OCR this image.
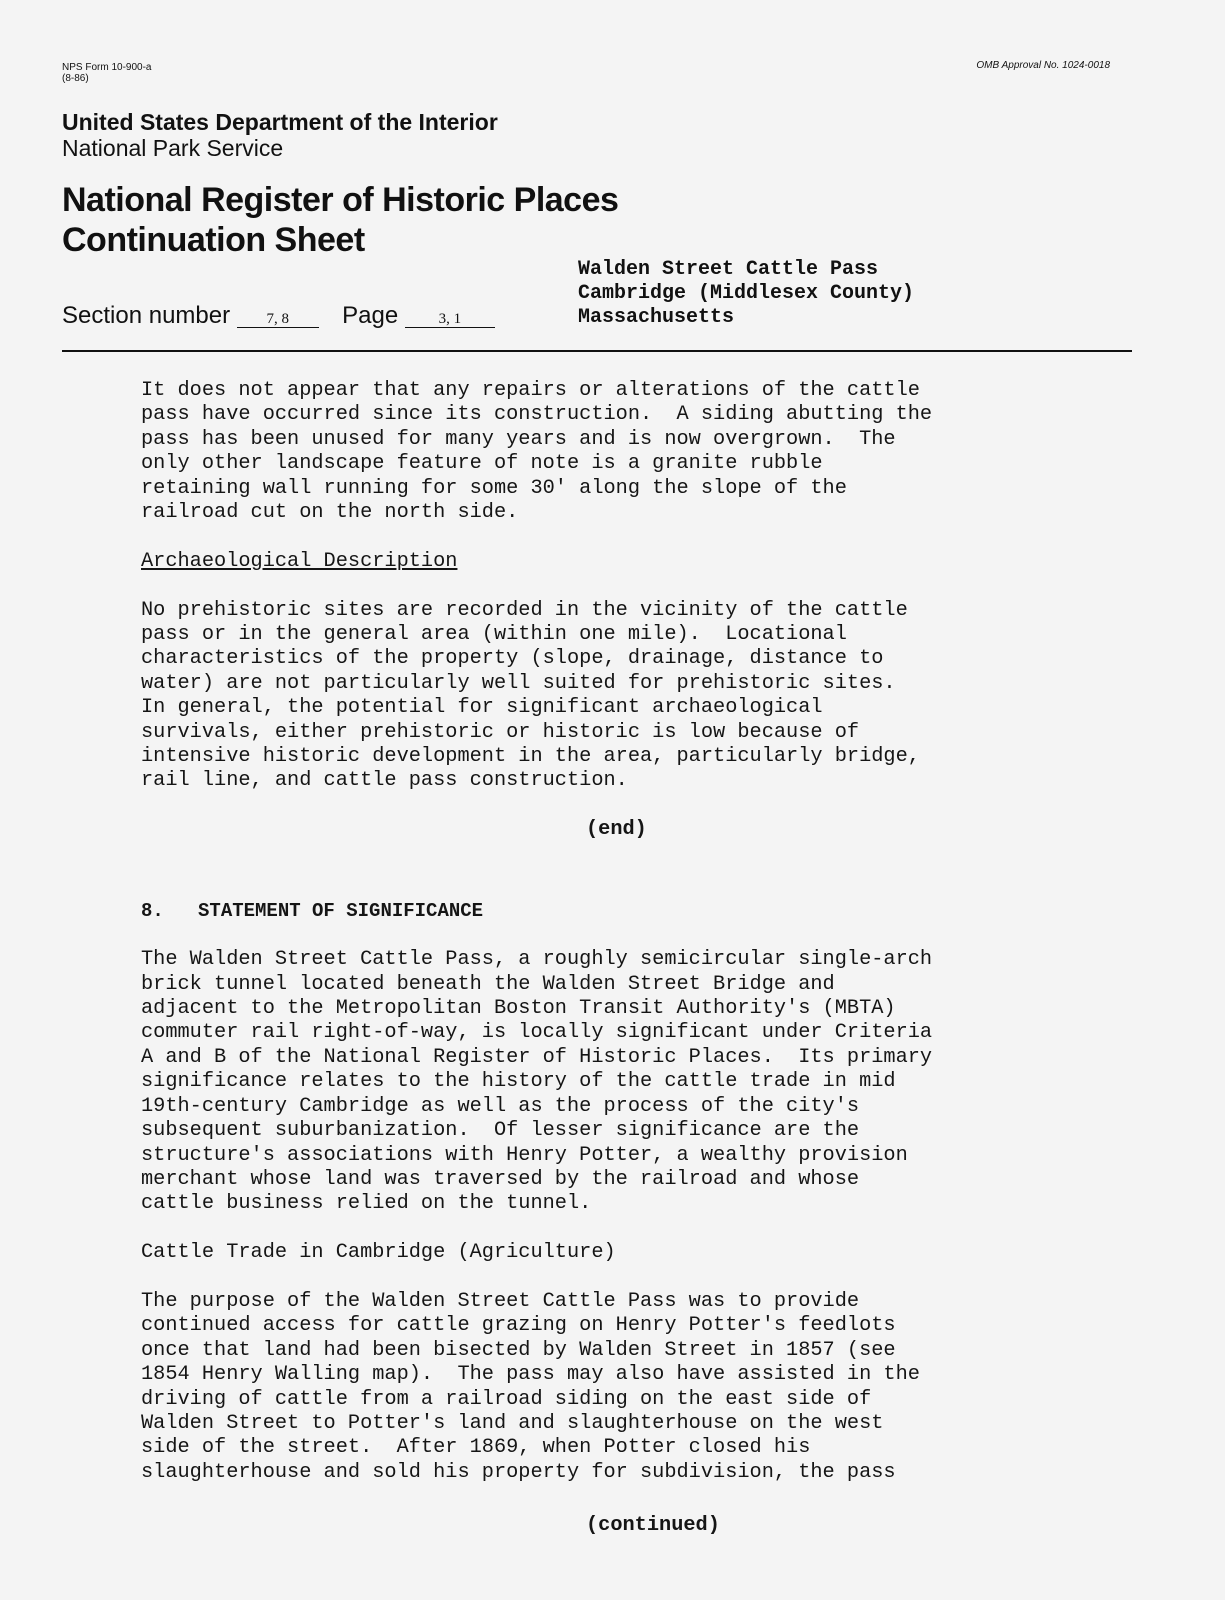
NPS Form 10-900-a
(8-86)
OMB Approval No. 1024-0018
United States Department of the Interior
National Park Service
National Register of Historic Places
Continuation Sheet
Walden Street Cattle Pass
Cambridge (Middlesex County)
Massachusetts
Section number 7, 8 Page	3, 1

It does not appear that any repairs or alterations of the cattle

pass have occurred since its construction.  A siding abutting the

pass has been unused for many years and is now overgrown.  The

only other landscape feature of note is a granite rubble

retaining wall running for some 30' along the slope of the

railroad cut on the north side.

Archaeological Description

No prehistoric sites are recorded in the vicinity of the cattle

pass or in the general area (within one mile).  Locational

characteristics of the property (slope, drainage, distance to

water) are not particularly well suited for prehistoric sites.

In general, the potential for significant archaeological

survivals, either prehistoric or historic is low because of

intensive historic development in the area, particularly bridge,

rail line, and cattle pass construction.

(end)

8.   STATEMENT OF SIGNIFICANCE

The Walden Street Cattle Pass, a roughly semicircular single-arch

brick tunnel located beneath the Walden Street Bridge and

adjacent to the Metropolitan Boston Transit Authority's (MBTA)

commuter rail right-of-way, is locally significant under Criteria

A and B of the National Register of Historic Places.  Its primary

significance relates to the history of the cattle trade in mid

19th-century Cambridge as well as the process of the city's

subsequent suburbanization.  Of lesser significance are the

structure's associations with Henry Potter, a wealthy provision

merchant whose land was traversed by the railroad and whose

cattle business relied on the tunnel.

Cattle Trade in Cambridge (Agriculture)

The purpose of the Walden Street Cattle Pass was to provide

continued access for cattle grazing on Henry Potter's feedlots

once that land had been bisected by Walden Street in 1857 (see

1854 Henry Walling map).  The pass may also have assisted in the

driving of cattle from a railroad siding on the east side of

Walden Street to Potter's land and slaughterhouse on the west

side of the street.  After 1869, when Potter closed his

slaughterhouse and sold his property for subdivision, the pass

(continued)
